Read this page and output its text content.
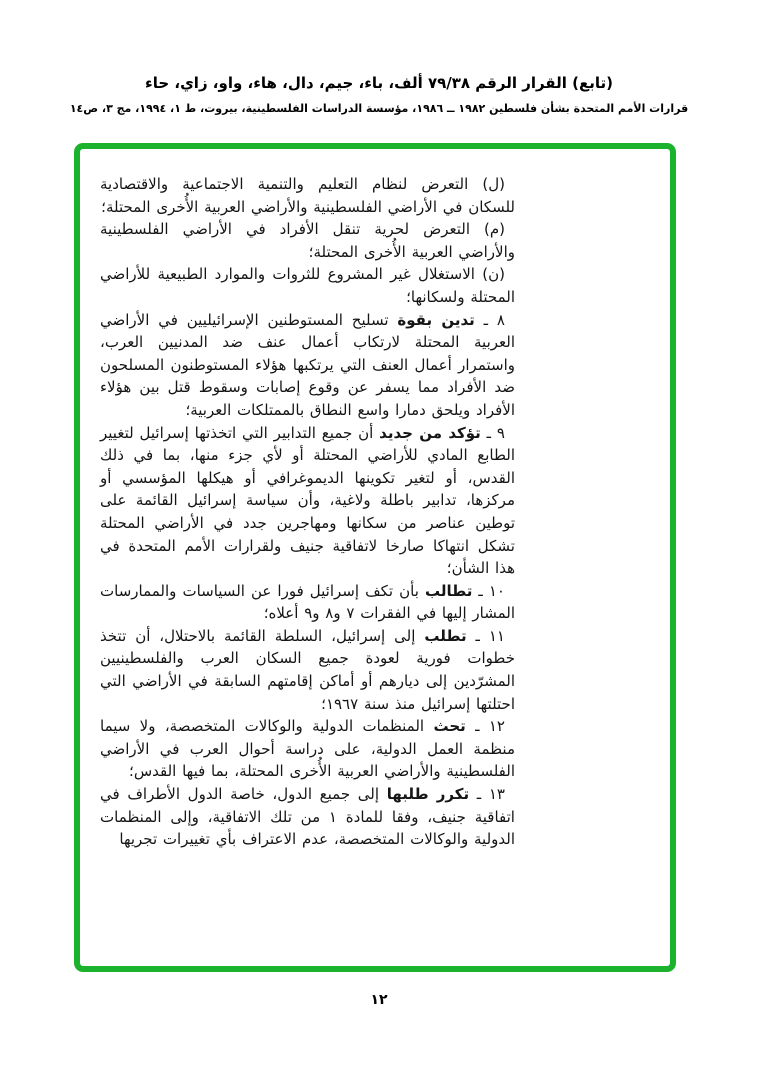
(تابع) القرار الرقم ٧٩/٣٨ ألف، باء، جيم، دال، هاء، واو، زاي، حاء
قرارات الأمم المتحدة بشأن فلسطين ١٩٨٢ ــ ١٩٨٦، مؤسسة الدراسات الفلسطينية، بيروت، ط ١، ١٩٩٤، مج ٣، ص١٤

(ل) التعرض لنظام التعليم والتنمية الاجتماعية والاقتصادية للسكان في الأراضي الفلسطينية والأراضي العربية الأُخرى المحتلة؛

(م) التعرض لحرية تنقل الأفراد في الأراضي الفلسطينية والأراضي العربية الأُخرى المحتلة؛

(ن) الاستغلال غير المشروع للثروات والموارد الطبيعية للأراضي المحتلة ولسكانها؛

٨ ـ تدين بقوة تسليح المستوطنين الإسرائيليين في الأراضي العربية المحتلة لارتكاب أعمال عنف ضد المدنيين العرب، واستمرار أعمال العنف التي يرتكبها هؤلاء المستوطنون المسلحون ضد الأفراد مما يسفر عن وقوع إصابات وسقوط قتل بين هؤلاء الأفراد ويلحق دمارا واسع النطاق بالممتلكات العربية؛

٩ ـ تؤكد من جديد أن جميع التدابير التي اتخذتها إسرائيل لتغيير الطابع المادي للأراضي المحتلة أو لأي جزء منها، بما في ذلك القدس، أو لتغير تكوينها الديموغرافي أو هيكلها المؤسسي أو مركزها، تدابير باطلة ولاغية، وأن سياسة إسرائيل القائمة على توطين عناصر من سكانها ومهاجرين جدد في الأراضي المحتلة تشكل انتهاكا صارخا لاتفاقية جنيف ولقرارات الأمم المتحدة في هذا الشأن؛

١٠ ـ تطالب بأن تكف إسرائيل فورا عن السياسات والممارسات المشار إليها في الفقرات ٧ و٨ و٩ أعلاه؛

١١ ـ تطلب إلى إسرائيل، السلطة القائمة بالاحتلال، أن تتخذ خطوات فورية لعودة جميع السكان العرب والفلسطينيين المشرّدين إلى ديارهم أو أماكن إقامتهم السابقة في الأراضي التي احتلتها إسرائيل منذ سنة ١٩٦٧؛

١٢ ـ تحث المنظمات الدولية والوكالات المتخصصة، ولا سيما منظمة العمل الدولية، على دراسة أحوال العرب في الأراضي الفلسطينية والأراضي العربية الأُخرى المحتلة، بما فيها القدس؛

١٣ ـ تكرر طلبها إلى جميع الدول، خاصة الدول الأطراف في اتفاقية جنيف، وفقا للمادة ١ من تلك الاتفاقية، وإلى المنظمات الدولية والوكالات المتخصصة، عدم الاعتراف بأي تغييرات تجريها

١٢
